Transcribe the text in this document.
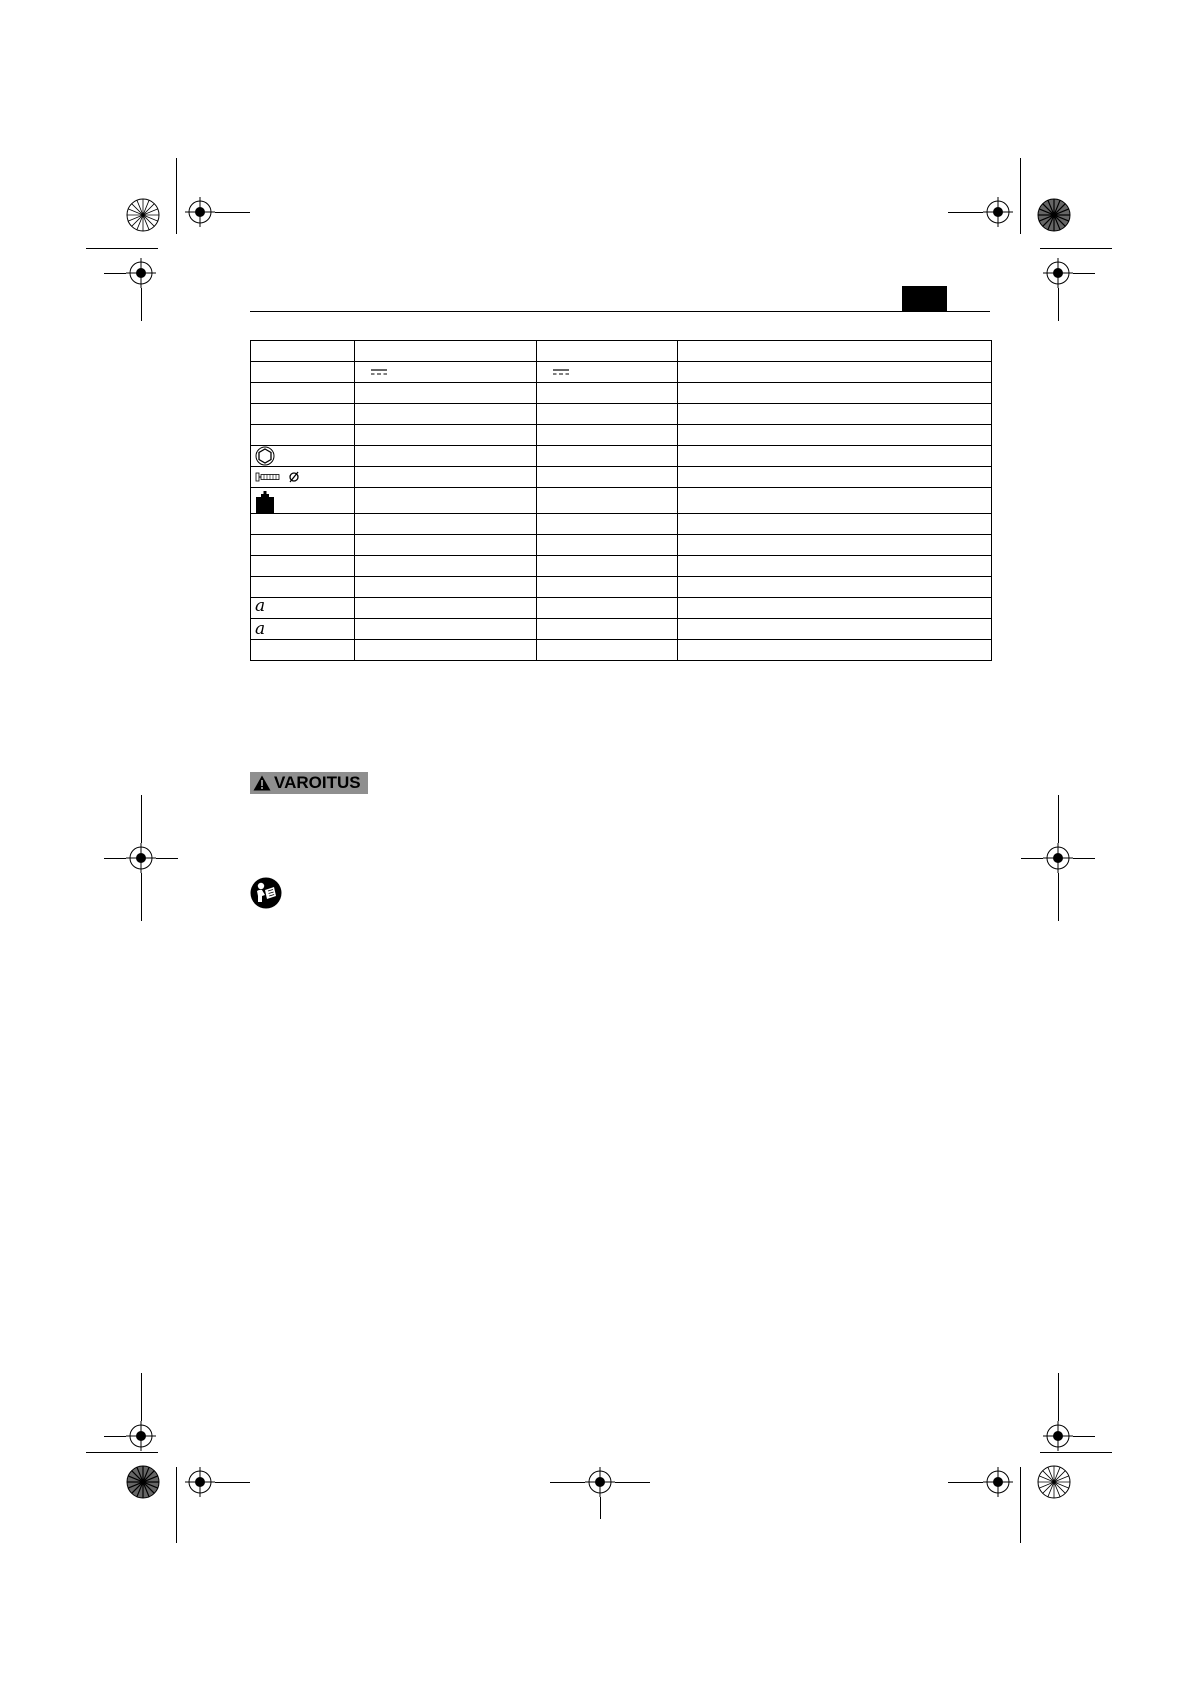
a			
a			

VAROITUS
